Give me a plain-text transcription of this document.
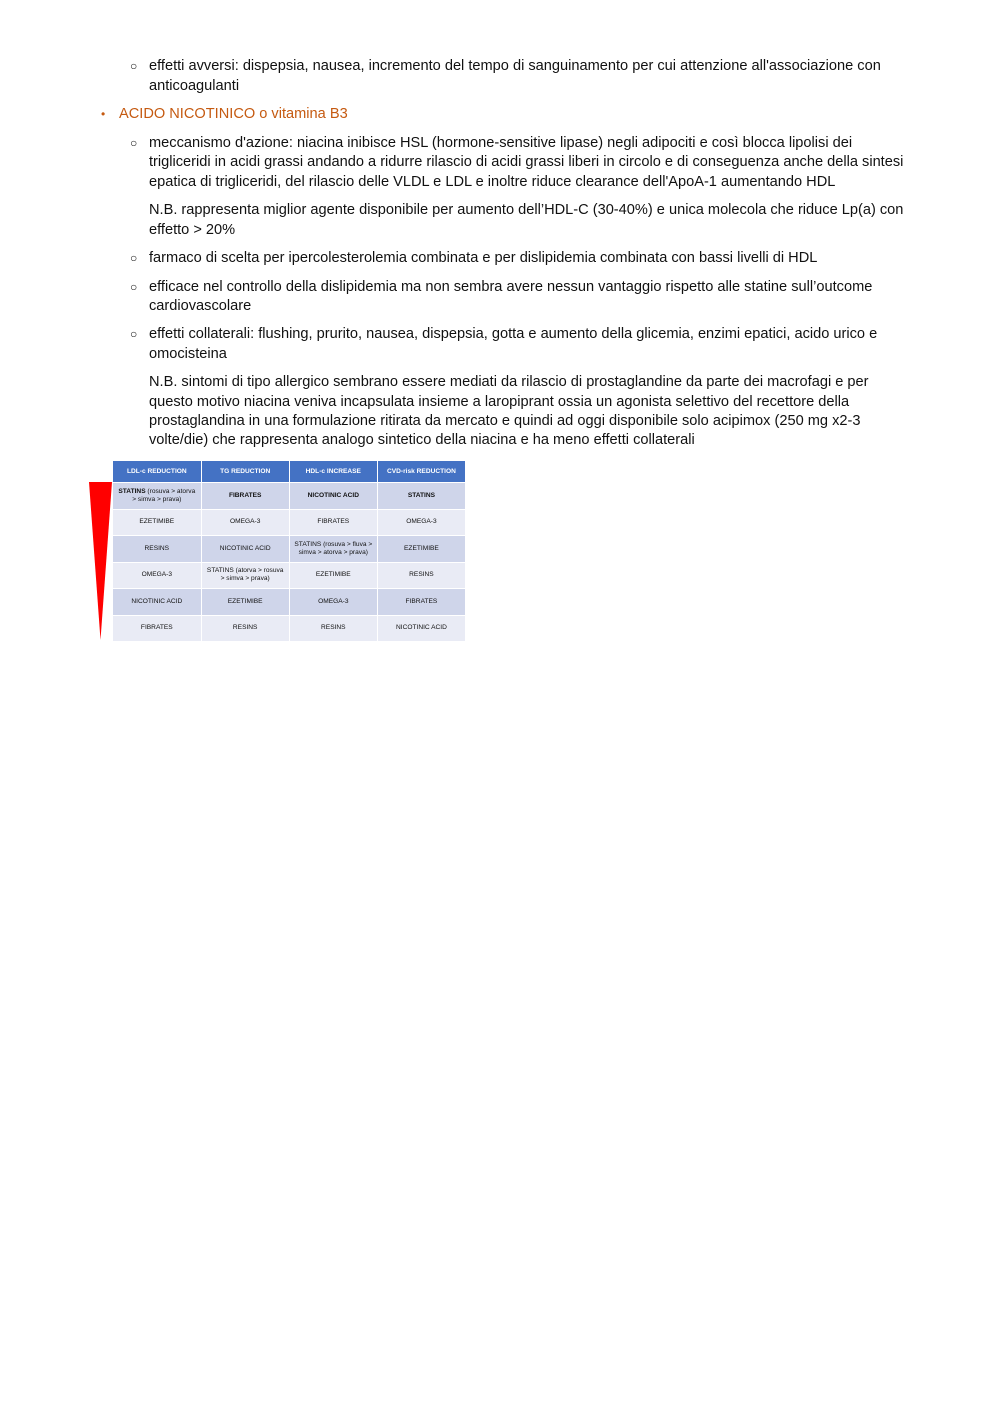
○ effetti avversi: dispepsia, nausea, incremento del tempo di sanguinamento per cui attenzione all'associazione con
anticoagulanti
• ACIDO NICOTINICO o vitamina B3
○ meccanismo d'azione: niacina inibisce HSL (hormone-sensitive lipase) negli adipociti e così blocca lipolisi dei
trigliceridi in acidi grassi andando a ridurre rilascio di acidi grassi liberi in circolo e di conseguenza anche della sintesi
epatica di trigliceridi, del rilascio delle VLDL e LDL e inoltre riduce clearance dell'ApoA-1 aumentando HDL
N.B. rappresenta miglior agente disponibile per aumento dell’HDL-C (30-40%) e unica molecola che riduce Lp(a) con
effetto > 20%
○ farmaco di scelta per ipercolesterolemia combinata e per dislipidemia combinata con bassi livelli di HDL
○ efficace nel controllo della dislipidemia ma non sembra avere nessun vantaggio rispetto alle statine sull’outcome
cardiovascolare
○ effetti collaterali: flushing, prurito, nausea, dispepsia, gotta e aumento della glicemia, enzimi epatici, acido urico e
omocisteina
N.B. sintomi di tipo allergico sembrano essere mediati da rilascio di prostaglandine da parte dei macrofagi e per
questo motivo niacina veniva incapsulata insieme a laropiprant ossia un agonista selettivo del recettore della
prostaglandina in una formulazione ritirata da mercato e quindi ad oggi disponibile solo acipimox (250 mg x2-3
volte/die) che rappresenta analogo sintetico della niacina e ha meno effetti collaterali
LDL-c REDUCTION	TG REDUCTION	HDL-c INCREASE	CVD-risk REDUCTION
STATINS (rosuva > atorva > simva > prava)	FIBRATES	NICOTINIC ACID	STATINS
EZETIMIBE	OMEGA-3	FIBRATES	OMEGA-3
RESINS	NICOTINIC ACID	STATINS (rosuva > fluva > simva > atorva > prava)	EZETIMIBE
OMEGA-3	STATINS (atorva > rosuva > simva > prava)	EZETIMIBE	RESINS
NICOTINIC ACID	EZETIMIBE	OMEGA-3	FIBRATES
FIBRATES	RESINS	RESINS	NICOTINIC ACID
